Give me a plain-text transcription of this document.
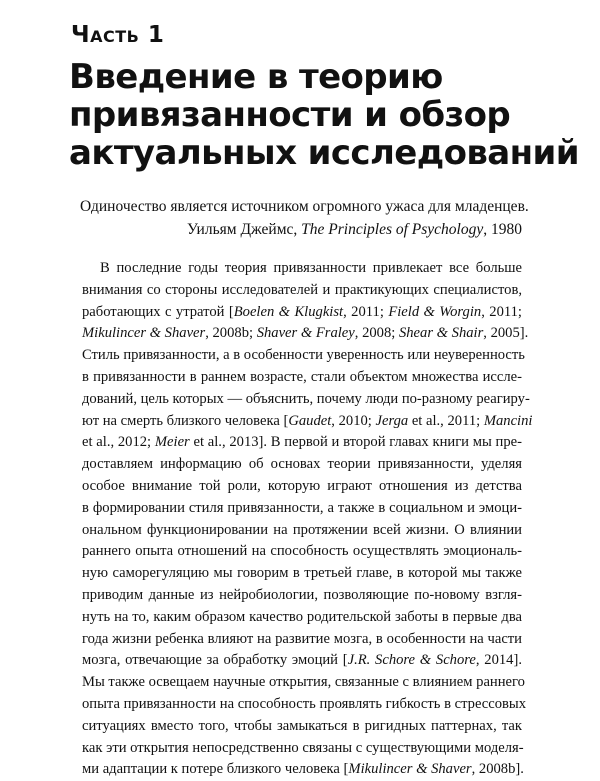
Часть 1
Введение в теорию
привязанности и обзор
актуальных исследований
Одиночество является источником огромного ужаса для младенцев.
Уильям Джеймс, The Principles of Psychology, 1980
В последние годы теория привязанности привлекает все больше
внимания со стороны исследователей и практикующих специалистов,
работающих с утратой [Boelen & Klugkist, 2011; Field & Worgin, 2011;
Mikulincer & Shaver, 2008b; Shaver & Fraley, 2008; Shear & Shair, 2005].
Стиль привязанности, а в особенности уверенность или неуверенность
в привязанности в раннем возрасте, стали объектом множества иссле-
дований, цель которых — объяснить, почему люди по-разному реагиру-
ют на смерть близкого человека [Gaudet, 2010; Jerga et al., 2011; Mancini
et al., 2012; Meier et al., 2013]. В первой и второй главах книги мы пре-
доставляем информацию об основах теории привязанности, уделяя
особое внимание той роли, которую играют отношения из детства
в формировании стиля привязанности, а также в социальном и эмоци-
ональном функционировании на протяжении всей жизни. О влиянии
раннего опыта отношений на способность осуществлять эмоциональ-
ную саморегуляцию мы говорим в третьей главе, в которой мы также
приводим данные из нейробиологии, позволяющие по-новому взгля-
нуть на то, каким образом качество родительской заботы в первые два
года жизни ребенка влияют на развитие мозга, в особенности на части
мозга, отвечающие за обработку эмоций [J.R. Schore & Schore, 2014].
Мы также освещаем научные открытия, связанные с влиянием раннего
опыта привязанности на способность проявлять гибкость в стрессовых
ситуациях вместо того, чтобы замыкаться в ригидных паттернах, так
как эти открытия непосредственно связаны с существующими моделя-
ми адаптации к потере близкого человека [Mikulincer & Shaver, 2008b].
